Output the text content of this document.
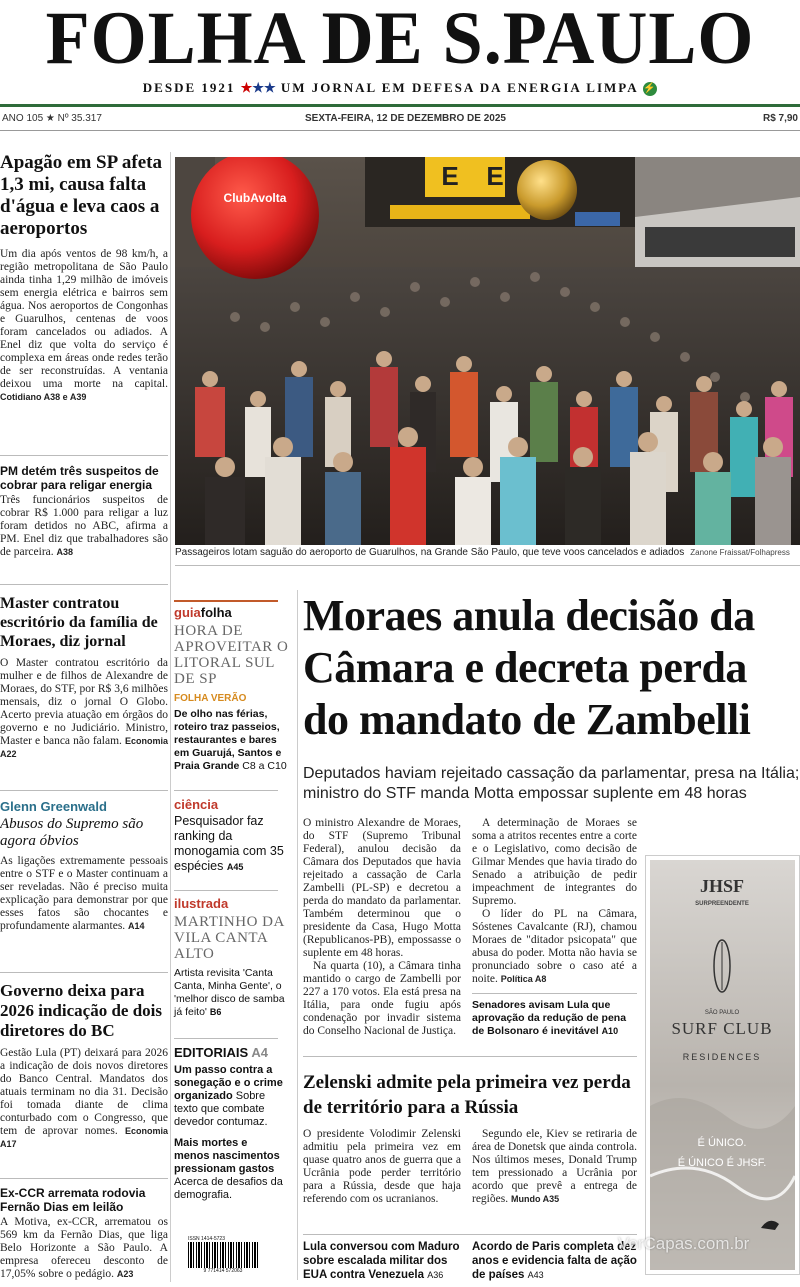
FOLHA DE S.PAULO
DESDE 1921 ★★★ UM JORNAL EM DEFESA DA ENERGIA LIMPA ⚡
ANO 105 ★ Nº 35.317	SEXTA-FEIRA, 12 DE DEZEMBRO DE 2025	R$ 7,90
Apagão em SP afeta 1,3 mi, causa falta d'água e leva caos a aeroportos
Um dia após ventos de 98 km/h, a região metropolitana de São Paulo ainda tinha 1,29 milhão de imóveis sem energia elétrica e bairros sem água. Nos aeroportos de Congonhas e Guarulhos, centenas de voos foram cancelados ou adiados. A Enel diz que volta do serviço é complexa em áreas onde redes terão de ser reconstruídas. A ventania deixou uma morte na capital. Cotidiano A38 e A39
PM detém três suspeitos de cobrar para religar energia
Três funcionários suspeitos de cobrar R$ 1.000 para religar a luz foram detidos no ABC, afirma a PM. Enel diz que trabalhadores são de parceira. A38
Master contratou escritório da família de Moraes, diz jornal
O Master contratou escritório da mulher e de filhos de Alexandre de Moraes, do STF, por R$ 3,6 milhões mensais, diz o jornal O Globo. Acerto previa atuação em órgãos do governo e no Judiciário. Ministro, Master e banca não falam. Economia A22
Glenn Greenwald
Abusos do Supremo são agora óbvios
As ligações extremamente pessoais entre o STF e o Master continuam a ser reveladas. Não é preciso muita explicação para demonstrar por que esses fatos são chocantes e profundamente alarmantes. A14
Governo deixa para 2026 indicação de dois diretores do BC
Gestão Lula (PT) deixará para 2026 a indicação de dois novos diretores do Banco Central. Mandatos dos atuais terminam no dia 31. Decisão foi tomada diante de clima conturbado com o Congresso, que tem de aprovar nomes. Economia A17
Ex-CCR arremata rodovia Fernão Dias em leilão
A Motiva, ex-CCR, arrematou os 569 km da Fernão Dias, que liga Belo Horizonte a São Paulo. A empresa ofereceu desconto de 17,05% sobre o pedágio. A23
ClubAvolta
E E
Passageiros lotam saguão do aeroporto de Guarulhos, na Grande São Paulo, que teve voos cancelados e adiados Zanone Fraissat/Folhapress
guiafolha
HORA DE APROVEITAR O LITORAL SUL DE SP
FOLHA VERÃO
De olho nas férias, roteiro traz passeios, restaurantes e bares em Guarujá, Santos e Praia Grande C8 a C10
ciência
Pesquisador faz ranking da monogamia com 35 espécies A45
ilustrada
MARTINHO DA VILA CANTA ALTO
Artista revisita 'Canta Canta, Minha Gente', o 'melhor disco de samba já feito' B6
EDITORIAIS A4
Um passo contra a sonegação e o crime organizado Sobre texto que combate devedor contumaz.
Mais mortes e menos nascimentos pressionam gastos Acerca de desafios da demografia.
ISSN 1414-5723
9 771414 572063
Moraes anula decisão da Câmara e decreta perda do mandato de Zambelli
Deputados haviam rejeitado cassação da parlamentar, presa na Itália; ministro do STF manda Motta empossar suplente em 48 horas

O ministro Alexandre de Moraes, do STF (Supremo Tribunal Federal), anulou decisão da Câmara dos Deputados que havia rejeitado a cassação de Carla Zambelli (PL-SP) e decretou a perda do mandato da parlamentar. Também determinou que o presidente da Casa, Hugo Motta (Republicanos-PB), empossasse o suplente em 48 horas.

Na quarta (10), a Câmara tinha mantido o cargo de Zambelli por 227 a 170 votos. Ela está presa na Itália, para onde fugiu após condenação por invadir sistema do Conselho Nacional de Justiça.

A determinação de Moraes se soma a atritos recentes entre a corte e o Legislativo, como decisão de Gilmar Mendes que havia tirado do Senado a atribuição de pedir impeachment de integrantes do Supremo.

O líder do PL na Câmara, Sóstenes Cavalcante (RJ), chamou Moraes de "ditador psicopata" que abusa do poder. Motta não havia se pronunciado sobre o caso até a noite. Política A8

Senadores avisam Lula que aprovação da redução de pena de Bolsonaro é inevitável A10
Zelenski admite pela primeira vez perda de território para a Rússia
O presidente Volodimir Zelenski admitiu pela primeira vez em quase quatro anos de guerra que a Ucrânia pode perder território para a Rússia, desde que haja referendo com os ucranianos.
Segundo ele, Kiev se retiraria de área de Donetsk que ainda controla. Nos últimos meses, Donald Trump tem pressionado a Ucrânia por acordo que prevê a entrega de regiões. Mundo A35
Lula conversou com Maduro sobre escalada militar dos EUA contra Venezuela A36
Acordo de Paris completa dez anos e evidencia falta de ação de países A43
JHSF
SURPREENDENTE
SÃO PAULO
SURF CLUB
RESIDENCES
É ÚNICO.
É ÚNICO É JHSF.
VerCapas.com.br
